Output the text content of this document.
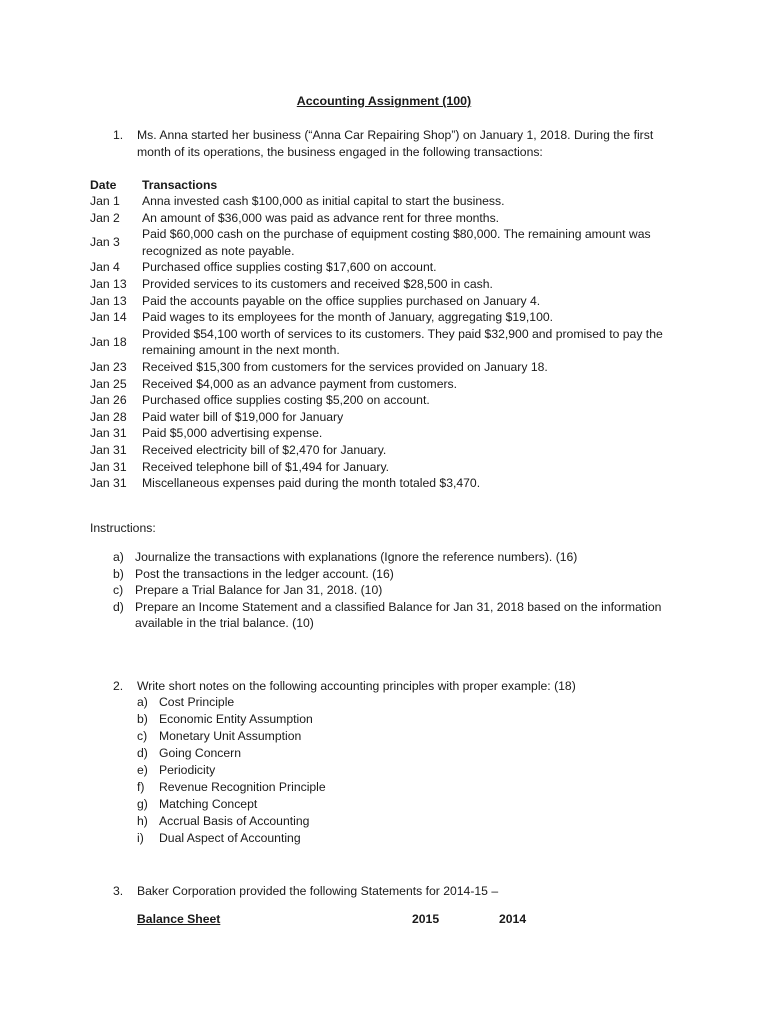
Accounting Assignment (100)
1.	Ms. Anna started her business (“Anna Car Repairing Shop”) on January 1, 2018. During the first month of its operations, the business engaged in the following transactions:
Date Transactions
Jan 1	Anna invested cash $100,000 as initial capital to start the business.
Jan 2	An amount of $36,000 was paid as advance rent for three months.
Jan 3	Paid $60,000 cash on the purchase of equipment costing $80,000. The remaining amount was recognized as note payable.
Jan 4	Purchased office supplies costing $17,600 on account.
Jan 13	Provided services to its customers and received $28,500 in cash.
Jan 13	Paid the accounts payable on the office supplies purchased on January 4.
Jan 14	Paid wages to its employees for the month of January, aggregating $19,100.
Jan 18	Provided $54,100 worth of services to its customers. They paid $32,900 and promised to pay the remaining amount in the next month.
Jan 23	Received $15,300 from customers for the services provided on January 18.
Jan 25	Received $4,000 as an advance payment from customers.
Jan 26	Purchased office supplies costing $5,200 on account.
Jan 28	Paid water bill of $19,000 for January
Jan 31	Paid $5,000 advertising expense.
Jan 31	Received electricity bill of $2,470 for January.
Jan 31	Received telephone bill of $1,494 for January.
Jan 31	Miscellaneous expenses paid during the month totaled $3,470.
Instructions:
a) Journalize the transactions with explanations (Ignore the reference numbers). (16)
b) Post the transactions in the ledger account. (16)
c) Prepare a Trial Balance for Jan 31, 2018. (10)
d) Prepare an Income Statement and a classified Balance for Jan 31, 2018 based on the information available in the trial balance. (10)
2.	Write short notes on the following accounting principles with proper example: (18)
a) Cost Principle
b) Economic Entity Assumption
c) Monetary Unit Assumption
d) Going Concern
e) Periodicity
f) Revenue Recognition Principle
g) Matching Concept
h) Accrual Basis of Accounting
i) Dual Aspect of Accounting
3.	Baker Corporation provided the following Statements for 2014-15 –
Balance Sheet	2015	2014
